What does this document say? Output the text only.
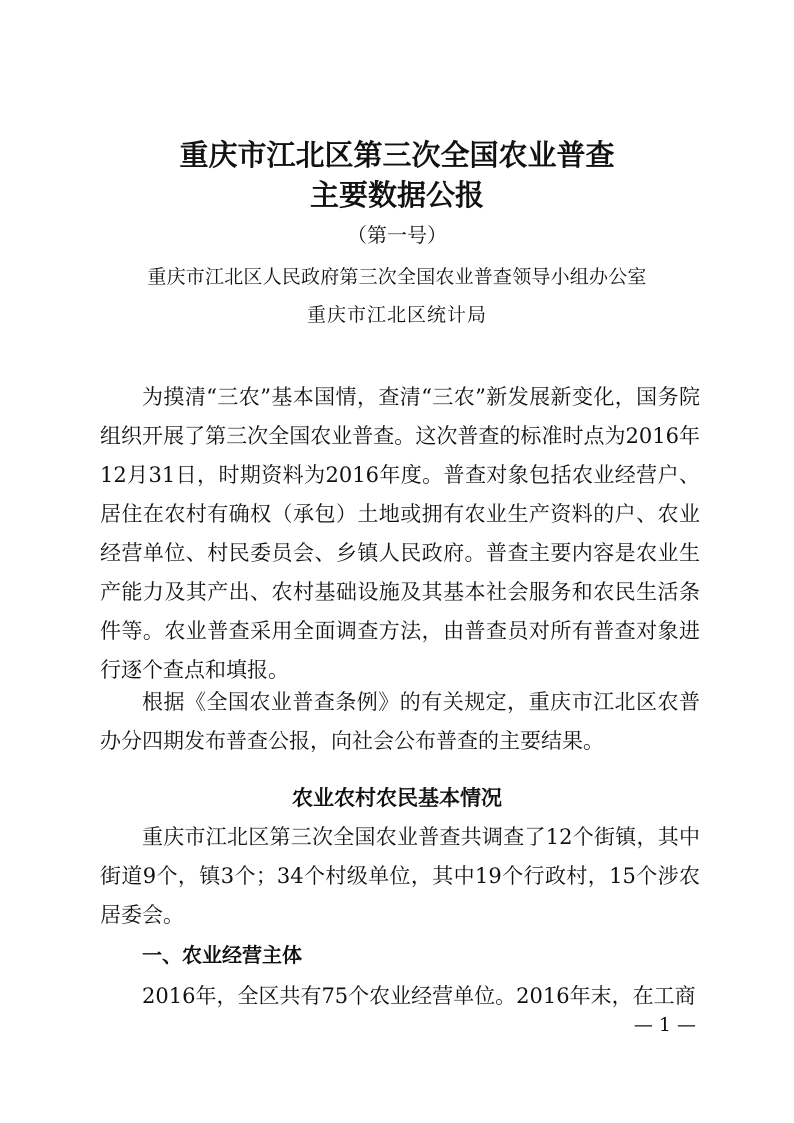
重庆市江北区第三次全国农业普查
主要数据公报
（第一号）
重庆市江北区人民政府第三次全国农业普查领导小组办公室
重庆市江北区统计局

为摸清“三农”基本国情，查清“三农”新发展新变化，国务院组织开展了第三次全国农业普查。这次普查的标准时点为2016年12月31日，时期资料为2016年度。普查对象包括农业经营户、居住在农村有确权（承包）土地或拥有农业生产资料的户、农业经营单位、村民委员会、乡镇人民政府。普查主要内容是农业生产能力及其产出、农村基础设施及其基本社会服务和农民生活条件等。农业普查采用全面调查方法，由普查员对所有普查对象进行逐个查点和填报。

根据《全国农业普查条例》的有关规定，重庆市江北区农普办分四期发布普查公报，向社会公布普查的主要结果。

农业农村农民基本情况

重庆市江北区第三次全国农业普查共调查了12个街镇，其中街道9个，镇3个；34个村级单位，其中19个行政村，15个涉农居委会。

一、农业经营主体

2016年，全区共有75个农业经营单位。2016年末，在工商

— 1 —
